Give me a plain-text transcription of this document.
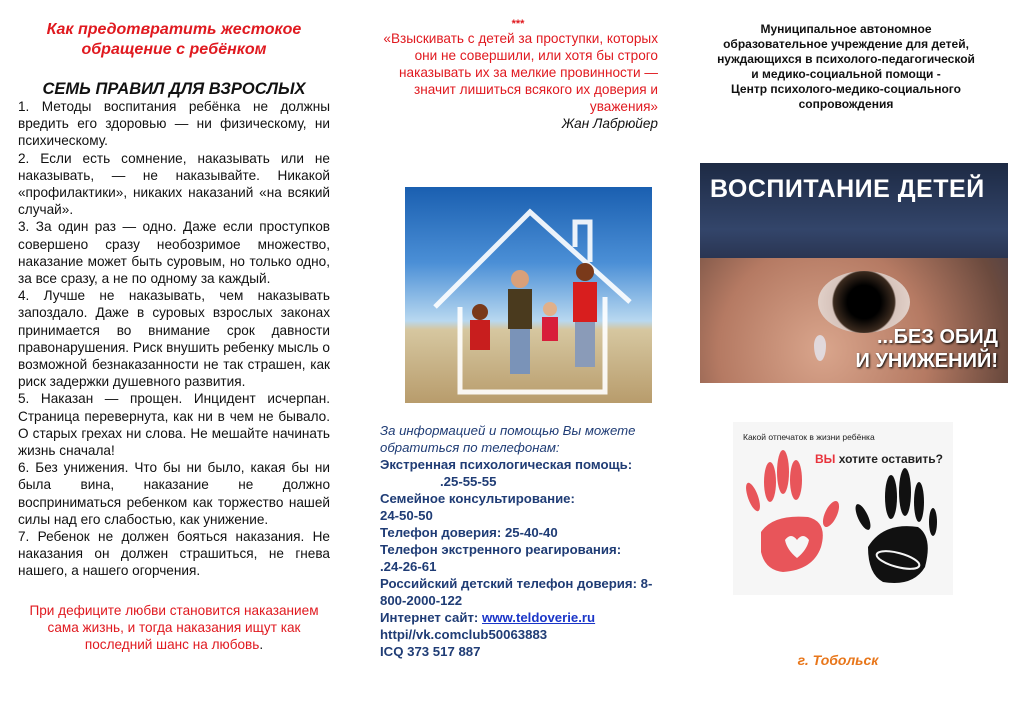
Как предотвратить жестокое обращение с ребёнком

СЕМЬ ПРАВИЛ ДЛЯ ВЗРОСЛЫХ

1. Методы воспитания ребёнка не должны вредить его здоровью — ни физическому, ни психическому.

2. Если есть сомнение, наказывать или не наказывать, — не наказывайте. Никакой «профилактики», никаких наказаний «на всякий случай».

3. За один раз — одно. Даже если проступков совершено сразу необозримое множество, наказание может быть суровым, но только одно, за все сразу, а не по одному за каждый.

4. Лучше не наказывать, чем наказывать запоздало. Даже в суровых взрослых законах принимается во внимание срок давности правонарушения. Риск внушить ребенку мысль о возможной безнаказанности не так страшен, как риск задержки душевного развития.

5. Наказан — прощен. Инцидент исчерпан. Страница перевернута, как ни в чем не бывало. О старых грехах ни слова. Не мешайте начинать жизнь сначала!

6. Без унижения. Что бы ни было, какая бы ни была вина, наказание не должно восприниматься ребенком как торжество нашей силы над его слабостью, как унижение.

7. Ребенок не должен бояться наказания. Не наказания он должен страшиться, не гнева нашего, а нашего огорчения.

При дефиците любви становится наказанием сама жизнь, и тогда наказания ищут как последний шанс на любовь.

***

«Взыскивать с детей за проступки, которых они не совершили, или хотя бы строго наказывать их за мелкие провинности — значит лишиться всякого их доверия и уважения»

Жан Лабрюйер

За информацией и помощью Вы можете обратиться по телефонам:
Экстренная психологическая помощь:.25-55-55
Семейное консультирование:
24-50-50
Телефон доверия: 25-40-40
Телефон экстренного реагирования:
.24-26-61
Российский детский телефон доверия: 8-800-2000-122
Интернет сайт: www.teldoverie.ru
httpi//vk.comclub50063883
ICQ 373 517 887

Муниципальное автономное

образовательное учреждение для детей,

нуждающихся в психолого-педагогической

и медико-социальной помощи -

Центр психолого-медико-социального

сопровождения

ВОСПИТАНИЕ ДЕТЕЙ
...БЕЗ ОБИД
И УНИЖЕНИЙ!
Какой отпечаток в жизни ребёнка
ВЫ хотите оставить?
г. Тобольск
